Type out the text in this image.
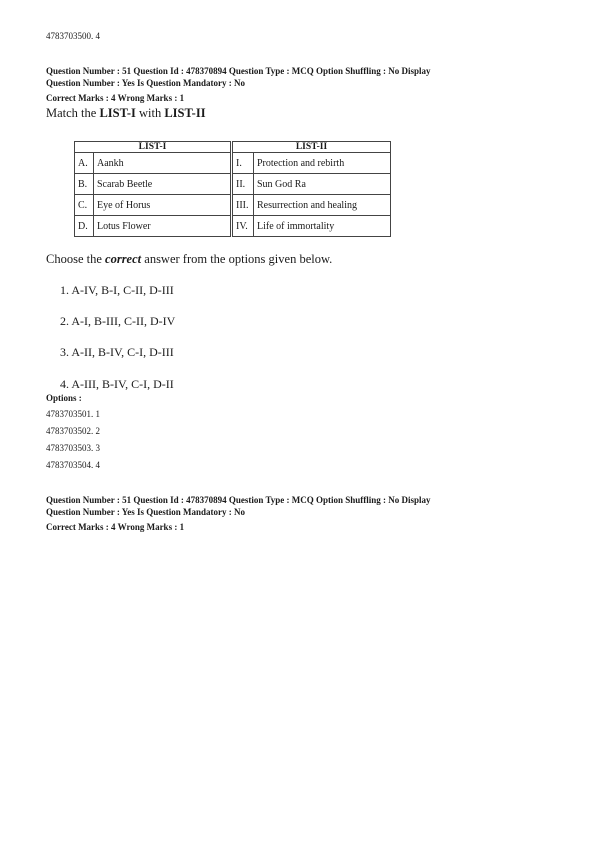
4783703500. 4
Question Number : 51 Question Id : 478370894 Question Type : MCQ Option Shuffling : No Display
Question Number : Yes Is Question Mandatory : No
Correct Marks : 4 Wrong Marks : 1
Match the LIST-I with LIST-II
LIST-I			LIST-II	
A.	Aankh		I.	Protection and rebirth
B.	Scarab Beetle		II.	Sun God Ra
C.	Eye of Horus		III.	Resurrection and healing
D.	Lotus Flower		IV.	Life of immortality
Choose the correct answer from the options given below.
1. A-IV, B-I, C-II, D-III
2. A-I, B-III, C-II, D-IV
3. A-II, B-IV, C-I, D-III
4. A-III, B-IV, C-I, D-II
Options :
4783703501. 1
4783703502. 2
4783703503. 3
4783703504. 4
Question Number : 51 Question Id : 478370894 Question Type : MCQ Option Shuffling : No Display
Question Number : Yes Is Question Mandatory : No
Correct Marks : 4 Wrong Marks : 1
